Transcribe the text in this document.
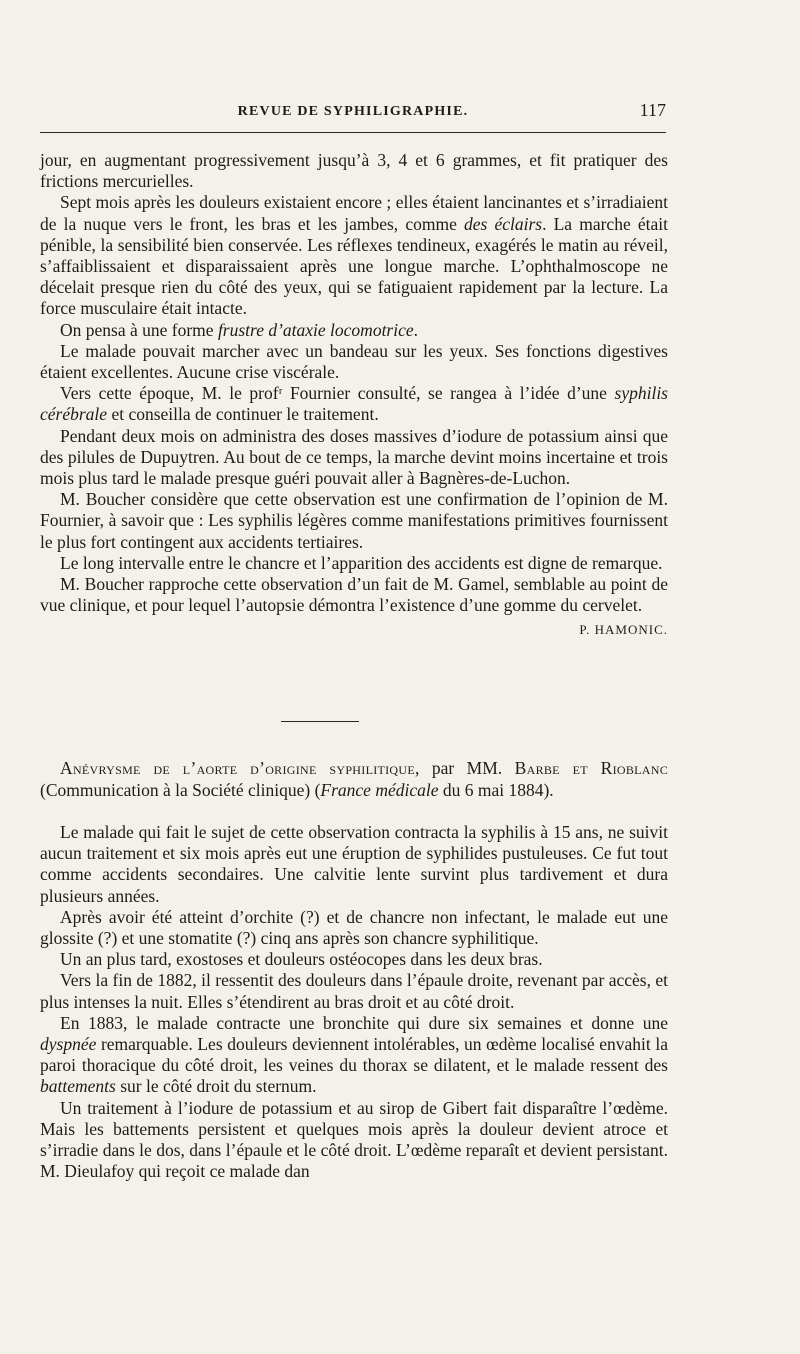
REVUE DE SYPHILIGRAPHIE.	117

jour, en augmentant progressivement jusqu’à 3, 4 et 6 grammes, et fit pratiquer des frictions mercurielles.

Sept mois après les douleurs existaient encore ; elles étaient lancinantes et s’irradiaient de la nuque vers le front, les bras et les jambes, comme des éclairs. La marche était pénible, la sensibilité bien conservée. Les réflexes tendineux, exagérés le matin au réveil, s’affaiblissaient et disparaissaient après une longue marche. L’ophthalmoscope ne décelait presque rien du côté des yeux, qui se fatiguaient rapidement par la lecture. La force musculaire était intacte.

On pensa à une forme frustre d’ataxie locomotrice.

Le malade pouvait marcher avec un bandeau sur les yeux. Ses fonctions digestives étaient excellentes. Aucune crise viscérale.

Vers cette époque, M. le profʳ Fournier consulté, se rangea à l’idée d’une syphilis cérébrale et conseilla de continuer le traitement.

Pendant deux mois on administra des doses massives d’iodure de potassium ainsi que des pilules de Dupuytren. Au bout de ce temps, la marche devint moins incertaine et trois mois plus tard le malade presque guéri pouvait aller à Bagnères-de-Luchon.

M. Boucher considère que cette observation est une confirmation de l’opinion de M. Fournier, à savoir que : Les syphilis légères comme manifestations primitives fournissent le plus fort contingent aux accidents tertiaires.

Le long intervalle entre le chancre et l’apparition des accidents est digne de remarque.

M. Boucher rapproche cette observation d’un fait de M. Gamel, semblable au point de vue clinique, et pour lequel l’autopsie démontra l’existence d’une gomme du cervelet.
P. HAMONIC.

Anévrysme de l’aorte d’origine syphilitique, par MM. Barbe et Rioblanc (Communication à la Société clinique) (France médicale du 6 mai 1884).

Le malade qui fait le sujet de cette observation contracta la syphilis à 15 ans, ne suivit aucun traitement et six mois après eut une éruption de syphilides pustuleuses. Ce fut tout comme accidents secondaires. Une calvitie lente survint plus tardivement et dura plusieurs années.

Après avoir été atteint d’orchite (?) et de chancre non infectant, le malade eut une glossite (?) et une stomatite (?) cinq ans après son chancre syphilitique.

Un an plus tard, exostoses et douleurs ostéocopes dans les deux bras.

Vers la fin de 1882, il ressentit des douleurs dans l’épaule droite, revenant par accès, et plus intenses la nuit. Elles s’étendirent au bras droit et au côté droit.

En 1883, le malade contracte une bronchite qui dure six semaines et donne une dyspnée remarquable. Les douleurs deviennent intolérables, un œdème localisé envahit la paroi thoracique du côté droit, les veines du thorax se dilatent, et le malade ressent des battements sur le côté droit du sternum.

Un traitement à l’iodure de potassium et au sirop de Gibert fait disparaître l’œdème. Mais les battements persistent et quelques mois après la douleur devient atroce et s’irradie dans le dos, dans l’épaule et le côté droit. L’œdème reparaît et devient persistant. M. Dieulafoy qui reçoit ce malade dan
